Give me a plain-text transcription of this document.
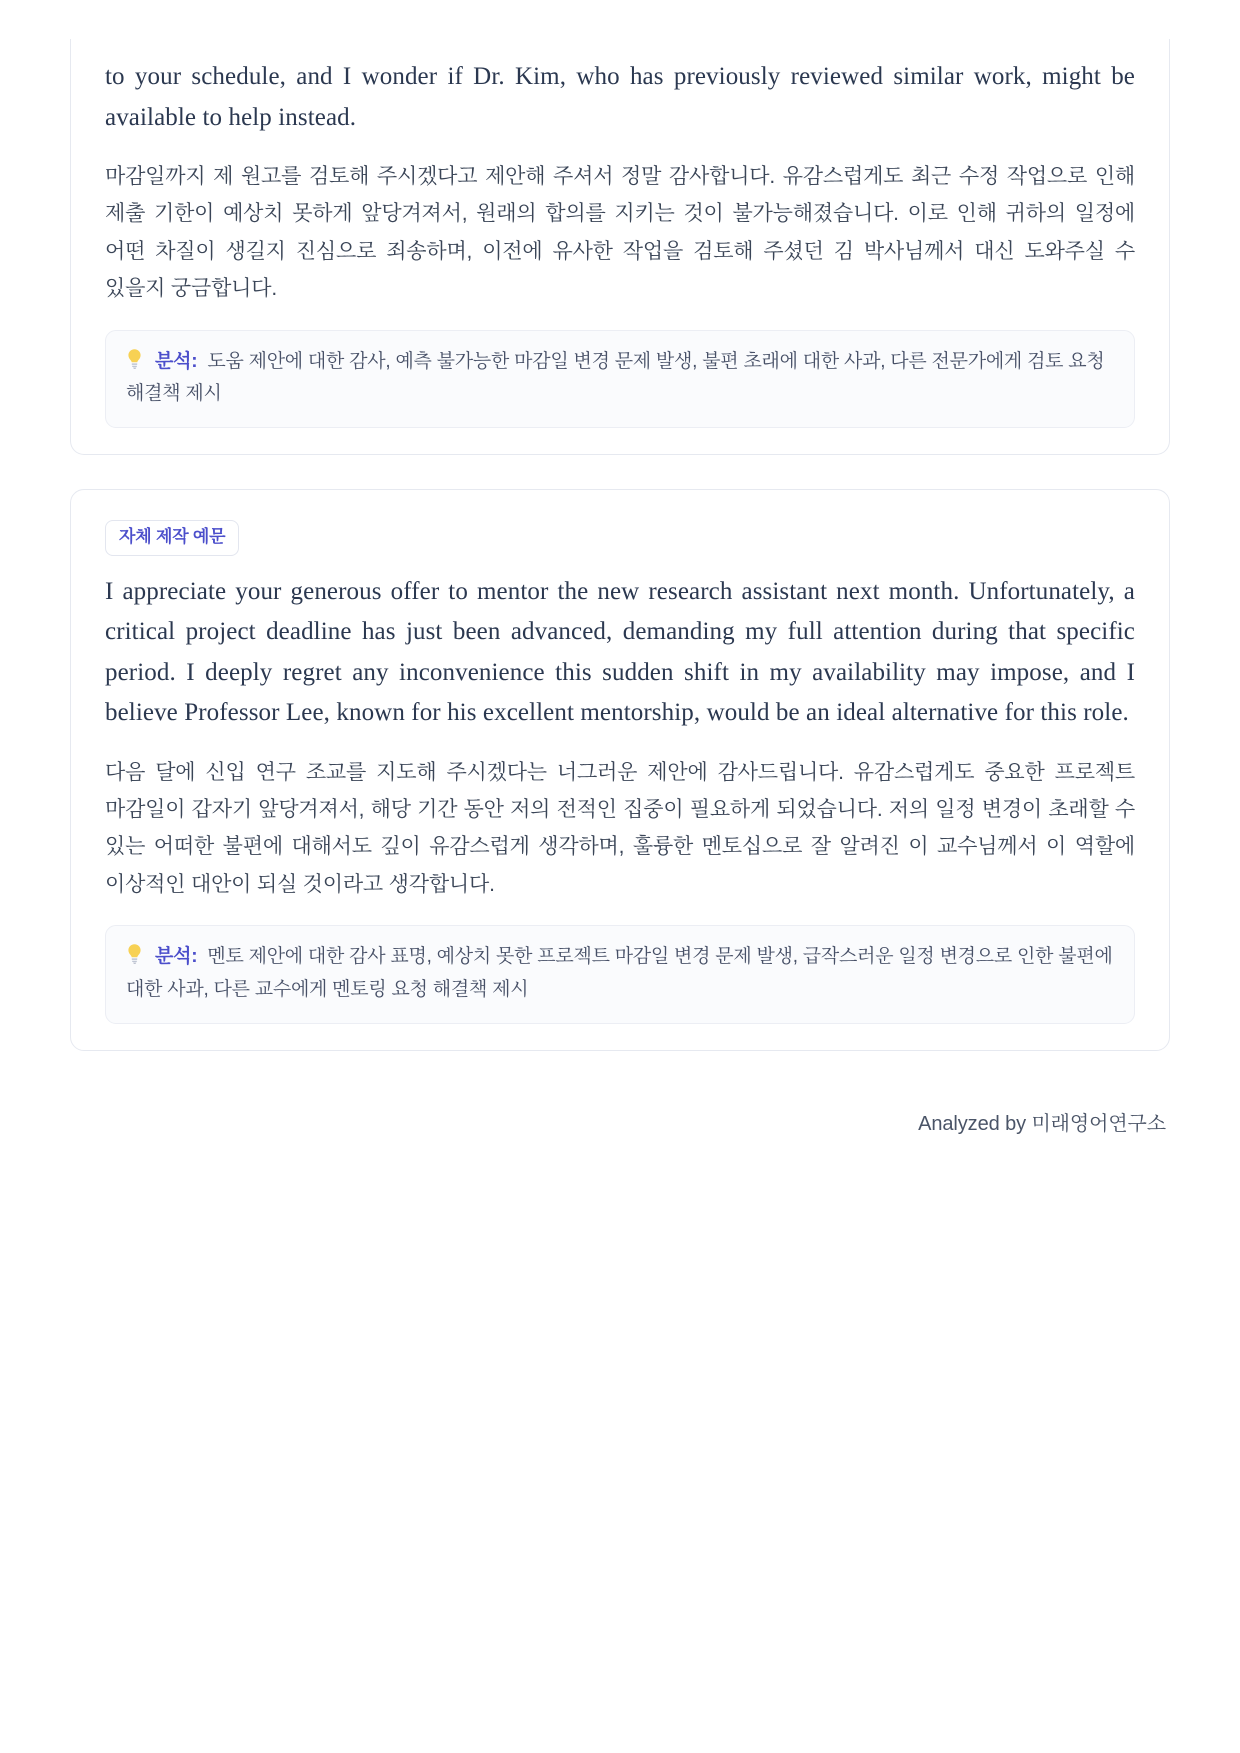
to your schedule, and I wonder if Dr. Kim, who has previously reviewed similar work, might be available to help instead.

마감일까지 제 원고를 검토해 주시겠다고 제안해 주셔서 정말 감사합니다. 유감스럽게도 최근 수정 작업으로 인해 제출 기한이 예상치 못하게 앞당겨져서, 원래의 합의를 지키는 것이 불가능해졌습니다. 이로 인해 귀하의 일정에 어떤 차질이 생길지 진심으로 죄송하며, 이전에 유사한 작업을 검토해 주셨던 김 박사님께서 대신 도와주실 수 있을지 궁금합니다.

분석: 도움 제안에 대한 감사, 예측 불가능한 마감일 변경 문제 발생, 불편 초래에 대한 사과, 다른 전문가에게 검토 요청 해결책 제시
자체 제작 예문

I appreciate your generous offer to mentor the new research assistant next month. Unfortunately, a critical project deadline has just been advanced, demanding my full attention during that specific period. I deeply regret any inconvenience this sudden shift in my availability may impose, and I believe Professor Lee, known for his excellent mentorship, would be an ideal alternative for this role.

다음 달에 신입 연구 조교를 지도해 주시겠다는 너그러운 제안에 감사드립니다. 유감스럽게도 중요한 프로젝트 마감일이 갑자기 앞당겨져서, 해당 기간 동안 저의 전적인 집중이 필요하게 되었습니다. 저의 일정 변경이 초래할 수 있는 어떠한 불편에 대해서도 깊이 유감스럽게 생각하며, 훌륭한 멘토십으로 잘 알려진 이 교수님께서 이 역할에 이상적인 대안이 되실 것이라고 생각합니다.

분석: 멘토 제안에 대한 감사 표명, 예상치 못한 프로젝트 마감일 변경 문제 발생, 급작스러운 일정 변경으로 인한 불편에 대한 사과, 다른 교수에게 멘토링 요청 해결책 제시
Analyzed by 미래영어연구소
